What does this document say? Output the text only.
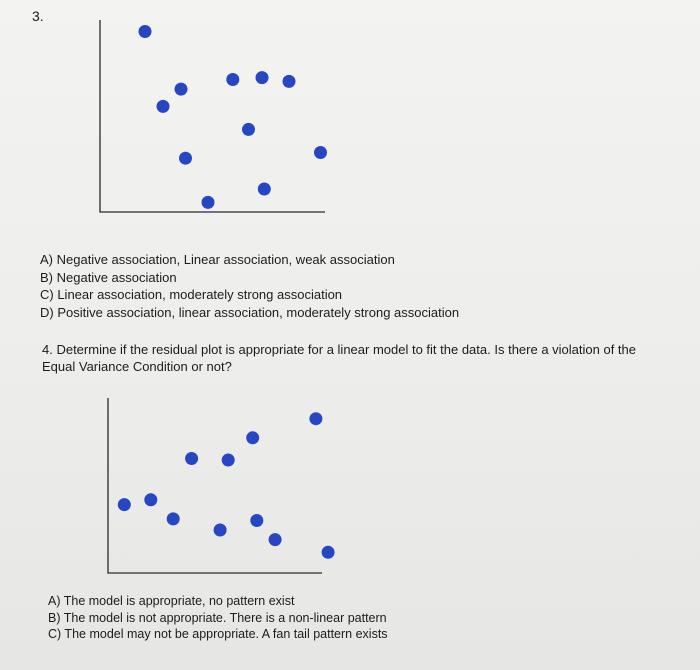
3.
A) Negative association, Linear association, weak association
B) Negative association
C) Linear association, moderately strong association
D) Positive association, linear association, moderately strong association
4. Determine if the residual plot is appropriate for a linear model to fit the data. Is there a violation of the Equal Variance Condition or not?
A) The model is appropriate, no pattern exist
B) The model is not appropriate. There is a non-linear pattern
C) The model may not be appropriate. A fan tail pattern exists
